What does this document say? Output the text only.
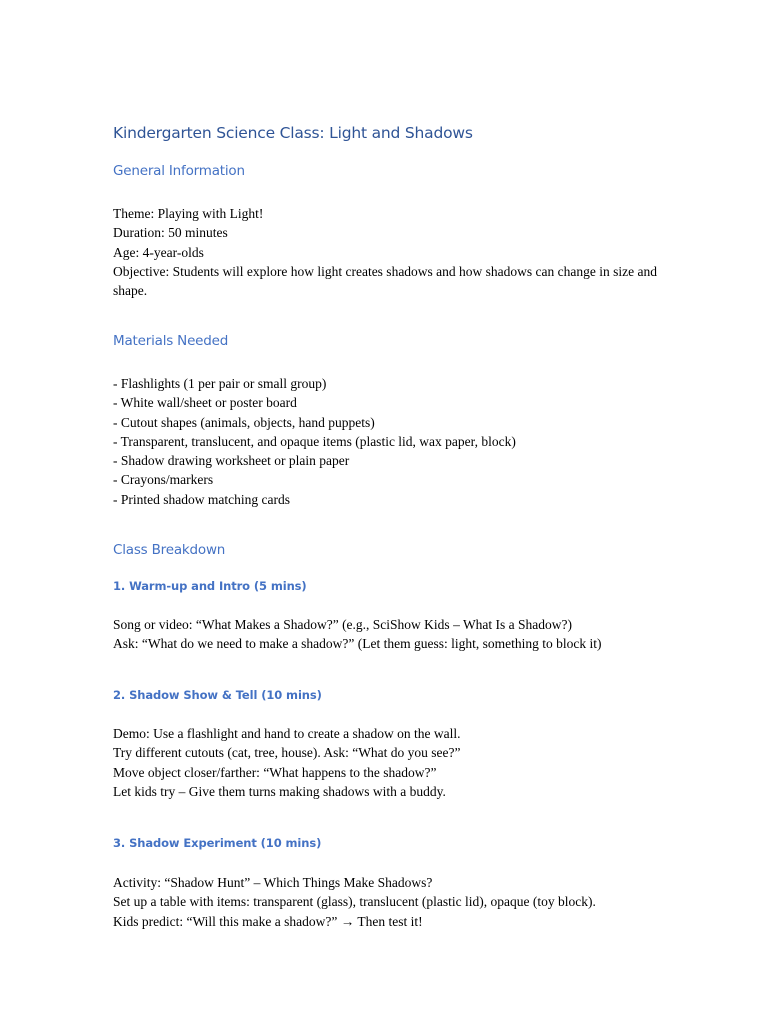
Kindergarten Science Class: Light and Shadows
General Information
Theme: Playing with Light!
Duration: 50 minutes
Age: 4-year-olds
Objective: Students will explore how light creates shadows and how shadows can change in size and shape.
Materials Needed
- Flashlights (1 per pair or small group)
- White wall/sheet or poster board
- Cutout shapes (animals, objects, hand puppets)
- Transparent, translucent, and opaque items (plastic lid, wax paper, block)
- Shadow drawing worksheet or plain paper
- Crayons/markers
- Printed shadow matching cards
Class Breakdown
1. Warm-up and Intro (5 mins)
Song or video: “What Makes a Shadow?” (e.g., SciShow Kids – What Is a Shadow?)
Ask: “What do we need to make a shadow?” (Let them guess: light, something to block it)
2. Shadow Show & Tell (10 mins)
Demo: Use a flashlight and hand to create a shadow on the wall.
Try different cutouts (cat, tree, house). Ask: “What do you see?”
Move object closer/farther: “What happens to the shadow?”
Let kids try – Give them turns making shadows with a buddy.
3. Shadow Experiment (10 mins)
Activity: “Shadow Hunt” – Which Things Make Shadows?
Set up a table with items: transparent (glass), translucent (plastic lid), opaque (toy block).
Kids predict: “Will this make a shadow?” → Then test it!
